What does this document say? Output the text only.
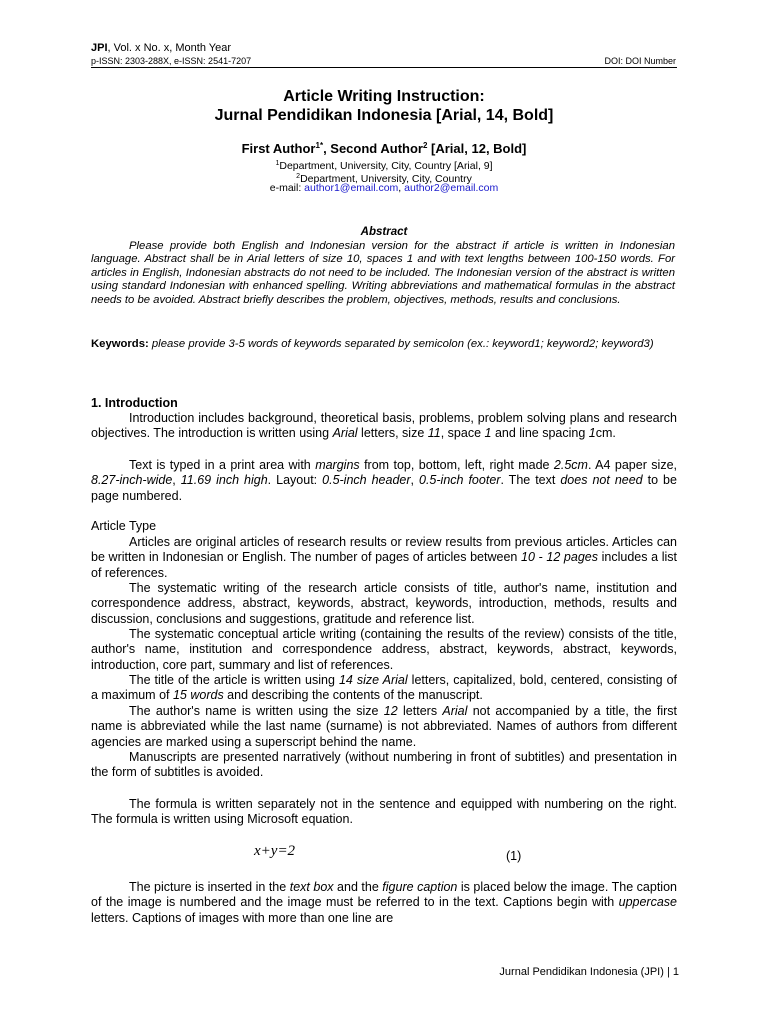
JPI, Vol. x No. x, Month Year
p-ISSN: 2303-288X, e-ISSN: 2541-7207	DOI: DOI Number
Article Writing Instruction:
Jurnal Pendidikan Indonesia [Arial, 14, Bold]
First Author$^{1*}$, Second Author$^2$ [Arial, 12, Bold]
$^1$Department, University, City, Country [Arial, 9]
$^2$Department, University, City, Country
e-mail: author1@email.com, author2@email.com
Abstract
Please provide both English and Indonesian version for the abstract if article is written in Indonesian language. Abstract shall be in Arial letters of size 10, spaces 1 and with text lengths between 100-150 words. For articles in English, Indonesian abstracts do not need to be included. The Indonesian version of the abstract is written using standard Indonesian with enhanced spelling. Writing abbreviations and mathematical formulas in the abstract needs to be avoided. Abstract briefly describes the problem, objectives, methods, results and conclusions.
Keywords: please provide 3-5 words of keywords separated by semicolon (ex.: keyword1; keyword2; keyword3)
1. Introduction
Introduction includes background, theoretical basis, problems, problem solving plans and research objectives. The introduction is written using Arial letters, size 11, space 1 and line spacing 1cm.
Text is typed in a print area with margins from top, bottom, left, right made 2.5cm. A4 paper size, 8.27-inch-wide, 11.69 inch high. Layout: 0.5-inch header, 0.5-inch footer. The text does not need to be page numbered.
Article Type
Articles are original articles of research results or review results from previous articles. Articles can be written in Indonesian or English. The number of pages of articles between 10 - 12 pages includes a list of references.
The systematic writing of the research article consists of title, author's name, institution and correspondence address, abstract, keywords, abstract, keywords, introduction, methods, results and discussion, conclusions and suggestions, gratitude and reference list.
The systematic conceptual article writing (containing the results of the review) consists of the title, author's name, institution and correspondence address, abstract, keywords, abstract, keywords, introduction, core part, summary and list of references.
The title of the article is written using 14 size Arial letters, capitalized, bold, centered, consisting of a maximum of 15 words and describing the contents of the manuscript.
The author's name is written using the size 12 letters Arial not accompanied by a title, the first name is abbreviated while the last name (surname) is not abbreviated. Names of authors from different agencies are marked using a superscript behind the name.
Manuscripts are presented narratively (without numbering in front of subtitles) and presentation in the form of subtitles is avoided.
The formula is written separately not in the sentence and equipped with numbering on the right. The formula is written using Microsoft equation.
x+y=2	(1)
The picture is inserted in the text box and the figure caption is placed below the image. The caption of the image is numbered and the image must be referred to in the text. Captions begin with uppercase letters. Captions of images with more than one line are
Jurnal Pendidikan Indonesia (JPI) | 1
